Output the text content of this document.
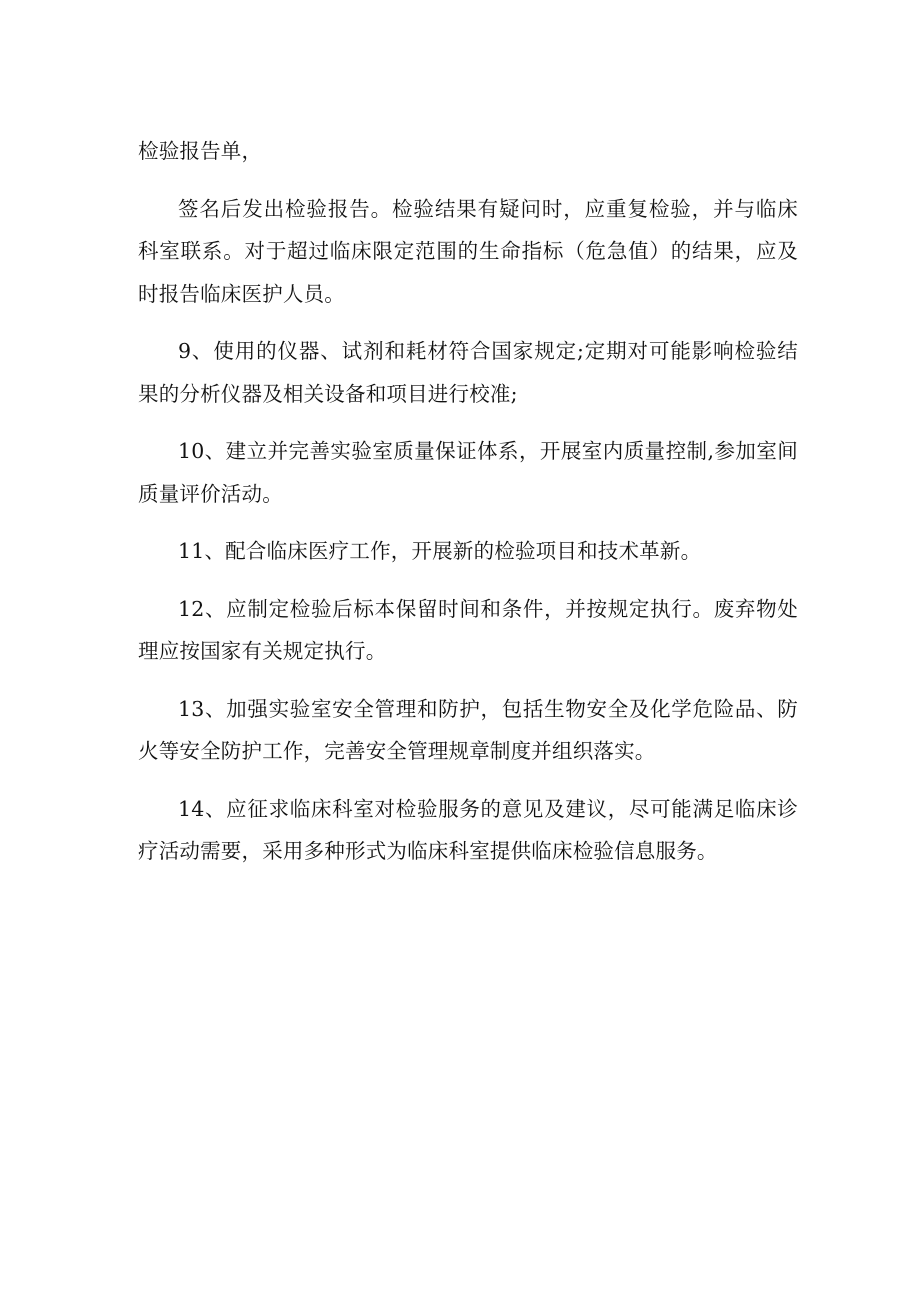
检验报告单，

签名后发出检验报告。检验结果有疑问时，应重复检验，并与临床科室联系。对于超过临床限定范围的生命指标（危急值）的结果，应及时报告临床医护人员。

9、使用的仪器、试剂和耗材符合国家规定;定期对可能影响检验结果的分析仪器及相关设备和项目进行校准;

10、建立并完善实验室质量保证体系，开展室内质量控制,参加室间质量评价活动。

11、配合临床医疗工作，开展新的检验项目和技术革新。

12、应制定检验后标本保留时间和条件，并按规定执行。废弃物处理应按国家有关规定执行。

13、加强实验室安全管理和防护，包括生物安全及化学危险品、防火等安全防护工作，完善安全管理规章制度并组织落实。

14、应征求临床科室对检验服务的意见及建议，尽可能满足临床诊疗活动需要，采用多种形式为临床科室提供临床检验信息服务。
